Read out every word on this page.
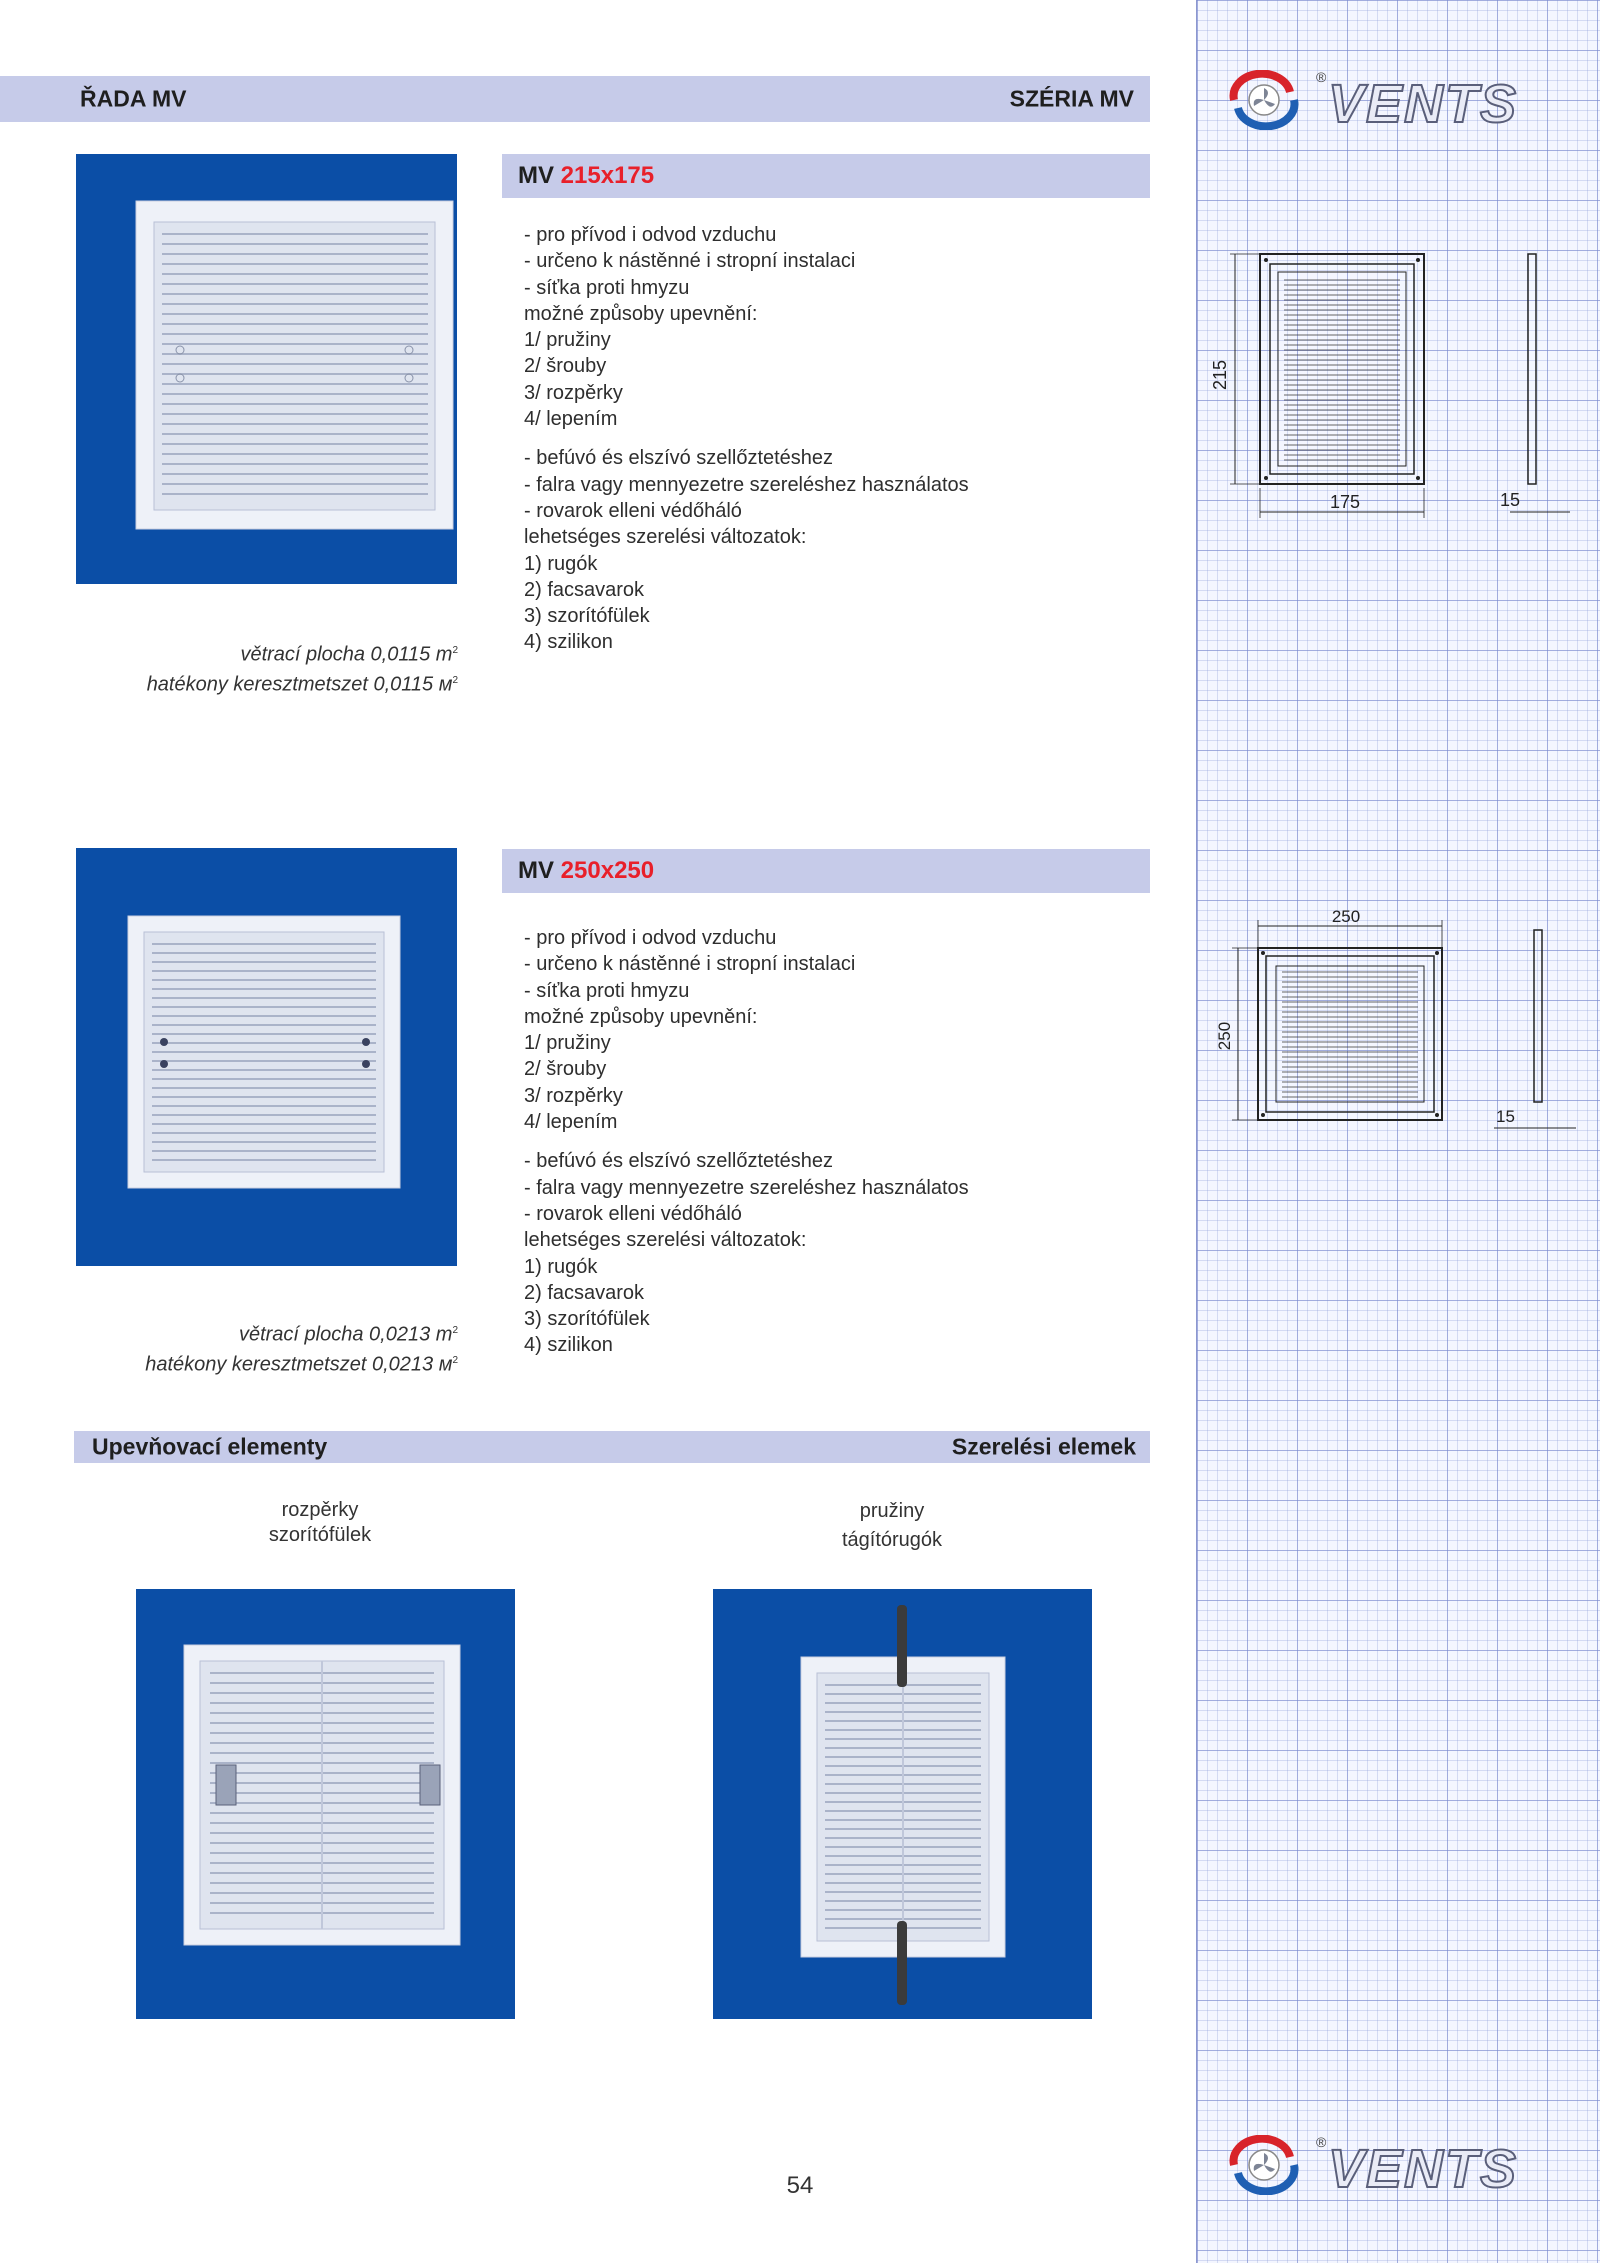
ŘADA MV	SZÉRIA MV
® VENTS
® VENTS
MV 215x175
- pro přívod i odvod vzduchu
- určeno k nástěnné i stropní instalaci
- síťka proti hmyzu
možné způsoby upevnění:
1/ pružiny
2/ šrouby
3/ rozpěrky
4/ lepením
- befúvó és elszívó szellőztetéshez
- falra vagy mennyezetre szereléshez használatos
- rovarok elleni védőháló
lehetséges szerelési változatok:
1) rugók
2) facsavarok
3) szorítófülek
4) szilikon
větrací plocha 0,0115 $m^2$
hatékony keresztmetszet 0,0115 $м^2$
215
175	15
MV 250x250
- pro přívod i odvod vzduchu
- určeno k nástěnné i stropní instalaci
- síťka proti hmyzu
možné způsoby upevnění:
1/ pružiny
2/ šrouby
3/ rozpěrky
4/ lepením
- befúvó és elszívó szellőztetéshez
- falra vagy mennyezetre szereléshez használatos
- rovarok elleni védőháló
lehetséges szerelési változatok:
1) rugók
2) facsavarok
3) szorítófülek
4) szilikon
větrací plocha 0,0213 $m^2$
hatékony keresztmetszet 0,0213 $м^2$
250
250
15
Upevňovací elementy	Szerelési elemek
rozpěrky
szorítófülek
pružiny
tágítórugók
54
